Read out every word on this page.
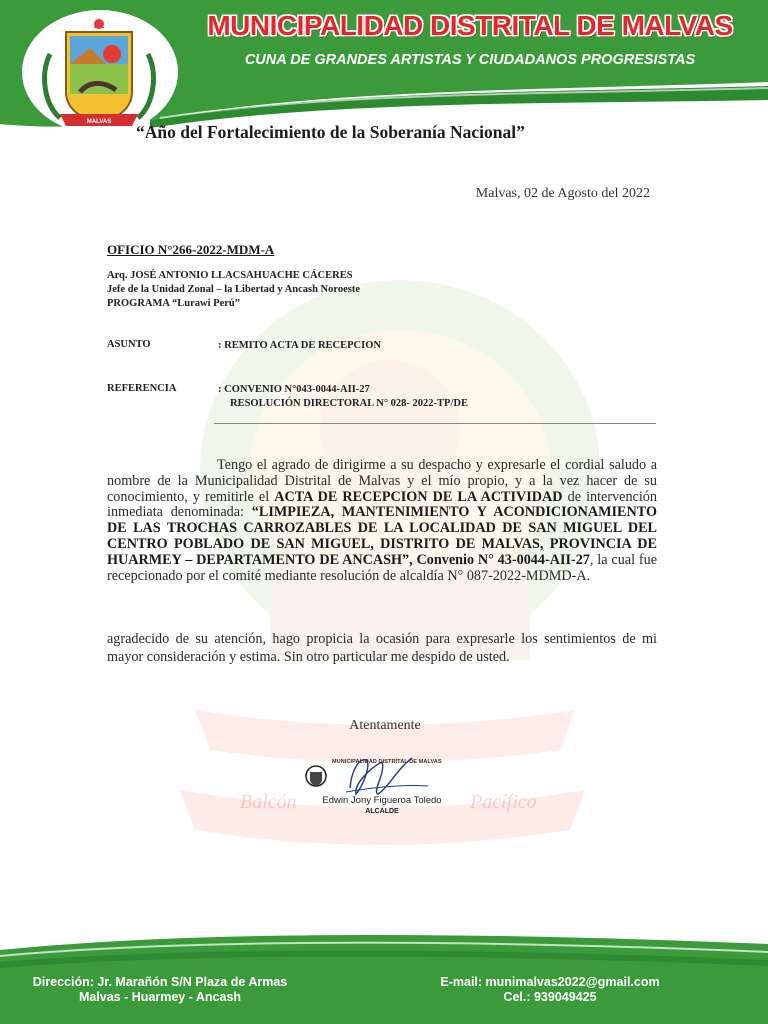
Balcón	Pacífico
MALVAS
MUNICIPALIDAD DISTRITAL DE MALVAS
CUNA DE GRANDES ARTISTAS Y CIUDADANOS PROGRESISTAS
“Año del Fortalecimiento de la Soberanía Nacional”
Malvas, 02 de Agosto del 2022
OFICIO N°266-2022-MDM-A
Arq. JOSÉ ANTONIO LLACSAHUACHE CÁCERES
Jefe de la Unidad Zonal – la Libertad y Ancash Noroeste
PROGRAMA “Lurawi Perú”
ASUNTO	: REMITO ACTA DE RECEPCION
REFERENCIA	: CONVENIO N°043-0044-AII-27
RESOLUCIÓN DIRECTORAL N° 028- 2022-TP/DE
Tengo el agrado de dirigirme a su despacho y expresarle el cordial saludo a nombre de la Municipalidad Distrital de Malvas y el mío propio, y a la vez hacer de su conocimiento, y remitirle el ACTA DE RECEPCION DE LA ACTIVIDAD de intervención inmediata denominada: “LIMPIEZA, MANTENIMIENTO Y ACONDICIONAMIENTO DE LAS TROCHAS CARROZABLES DE LA LOCALIDAD DE SAN MIGUEL DEL CENTRO POBLADO DE SAN MIGUEL, DISTRITO DE MALVAS, PROVINCIA DE HUARMEY – DEPARTAMENTO DE ANCASH”, Convenio N° 43-0044-AII-27, la cual fue recepcionado por el comité mediante resolución de alcaldía N° 087-2022-MDMD-A.
agradecido de su atención, hago propicia la ocasión para expresarle los sentimientos de mi mayor consideración y estima. Sin otro particular me despido de usted.
Atentamente
MUNICIPALIDAD DISTRITAL DE MALVAS
Edwin Jony Figueroa Toledo
ALCALDE
Dirección: Jr. Marañón S/N Plaza de Armas
Malvas - Huarmey - Ancash
E-mail: munimalvas2022@gmail.com
Cel.: 939049425
